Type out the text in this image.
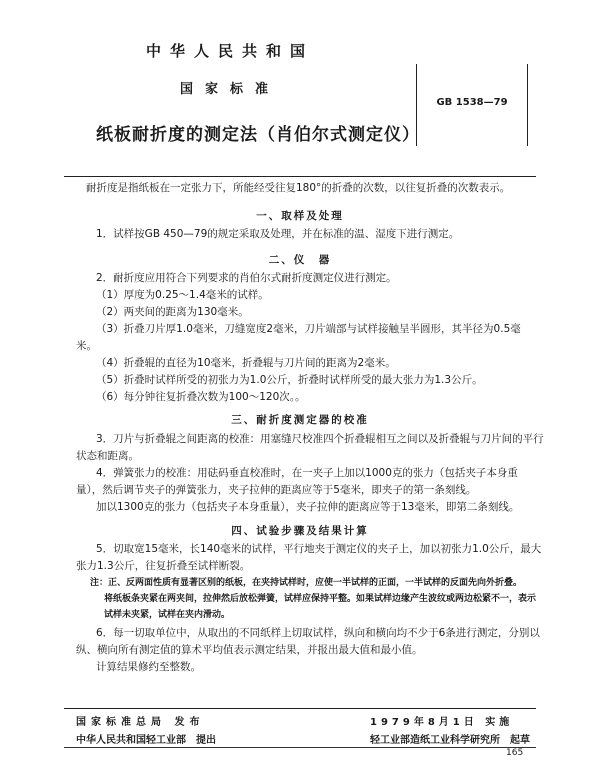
中华人民共和国
国家标准
纸板耐折度的测定法（肖伯尔式测定仪）
GB 1538—79
耐折度是指纸板在一定张力下，所能经受往复180°的折叠的次数，以往复折叠的次数表示。
一、取样及处理
1．试样按GB 450—79的规定采取及处理，并在标准的温、湿度下进行测定。
二、仪　器
2．耐折度应用符合下列要求的肖伯尔式耐折度测定仪进行测定。
（1）厚度为0.25～1.4毫米的试样。
（2）两夹间的距离为130毫米。
（3）折叠刀片厚1.0毫米，刀缝宽度2毫米，刀片端部与试样接触呈半圆形，其半径为0.5毫
米。
（4）折叠辊的直径为10毫米，折叠辊与刀片间的距离为2毫米。
（5）折叠时试样所受的初张力为1.0公斤，折叠时试样所受的最大张力为1.3公斤。
（6）每分钟往复折叠次数为100～120次。。
三、耐折度测定器的校准
3．刀片与折叠辊之间距离的校准：用塞缝尺校准四个折叠辊相互之间以及折叠辊与刀片间的平行
状态和距离。
4．弹簧张力的校准：用砝码垂直校准时，在一夹子上加以1000克的张力（包括夹子本身重
量），然后调节夹子的弹簧张力，夹子拉伸的距离应等于5毫米，即夹子的第一条刻线。
加以1300克的张力（包括夹子本身重量），夹子拉伸的距离应等于13毫米，即第二条刻线。
四、试验步骤及结果计算
5．切取宽15毫米，长140毫米的试样，平行地夹于测定仪的夹子上，加以初张力1.0公斤，最大
张力1.3公斤，往复折叠至试样断裂。
注：正、反两面性质有显著区别的纸板，在夹持试样时，应使一半试样的正面，一半试样的反面先向外折叠。
将纸板条夹紧在两夹间，拉伸然后放松弹簧，试样应保持平整。如果试样边缘产生波纹或两边松紧不一，表示
试样未夹紧，试样在夹内滑动。
6．每一切取单位中，从取出的不同纸样上切取试样，纵向和横向均不少于6条进行测定，分别以
纵、横向所有测定值的算术平均值表示测定结果，并报出最大值和最小值。
计算结果修约至整数。
国家标准总局 发布
中华人民共和国轻工业部　提出
1979年8月1日 实施
轻工业部造纸工业科学研究所　起草
165
